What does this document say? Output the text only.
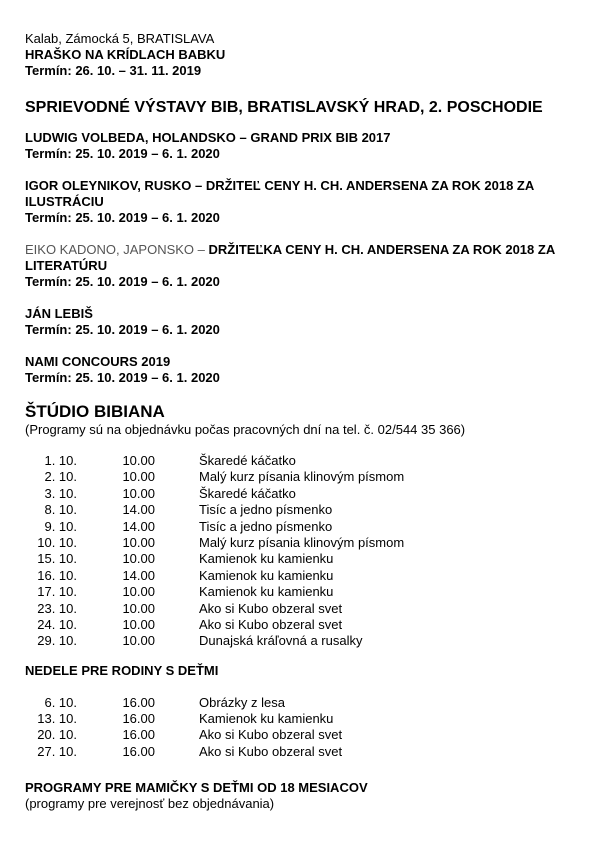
Kalab, Zámocká 5, BRATISLAVA
HRAŠKO NA KRÍDLACH BABKU
Termín: 26. 10. – 31. 11. 2019
SPRIEVODNÉ VÝSTAVY BIB, BRATISLAVSKÝ HRAD, 2. POSCHODIE
LUDWIG VOLBEDA, HOLANDSKO – GRAND PRIX BIB 2017
Termín: 25. 10. 2019 – 6. 1. 2020
IGOR OLEYNIKOV, RUSKO – DRŽITEĽ CENY H. CH. ANDERSENA ZA ROK 2018 ZA ILUSTRÁCIU
Termín: 25. 10. 2019 – 6. 1. 2020
EIKO KADONO, JAPONSKO – DRŽITEĽKA CENY H. CH. ANDERSENA ZA ROK 2018 ZA LITERATÚRU
Termín: 25. 10. 2019 – 6. 1. 2020
JÁN LEBIŠ
Termín: 25. 10. 2019 – 6. 1. 2020
NAMI CONCOURS 2019
Termín: 25. 10. 2019 – 6. 1. 2020
ŠTÚDIO BIBIANA
(Programy sú na objednávku počas pracovných dní na tel. č. 02/544 35 366)
1. 10.	10.00	Škaredé káčatko
2. 10.	10.00	Malý kurz písania klinovým písmom
3. 10.	10.00	Škaredé káčatko
8. 10.	14.00	Tisíc a jedno písmenko
9. 10.	14.00	Tisíc a jedno písmenko
10. 10.	10.00	Malý kurz písania klinovým písmom
15. 10.	10.00	Kamienok ku kamienku
16. 10.	14.00	Kamienok ku kamienku
17. 10.	10.00	Kamienok ku kamienku
23. 10.	10.00	Ako si Kubo obzeral svet
24. 10.	10.00	Ako si Kubo obzeral svet
29. 10.	10.00	Dunajská kráľovná a rusalky
NEDELE PRE RODINY S DEŤMI
6. 10.	16.00	Obrázky z lesa
13. 10.	16.00	Kamienok ku kamienku
20. 10.	16.00	Ako si Kubo obzeral svet
27. 10.	16.00	Ako si Kubo obzeral svet
PROGRAMY PRE MAMIČKY S DEŤMI OD 18 MESIACOV
(programy pre verejnosť bez objednávania)
